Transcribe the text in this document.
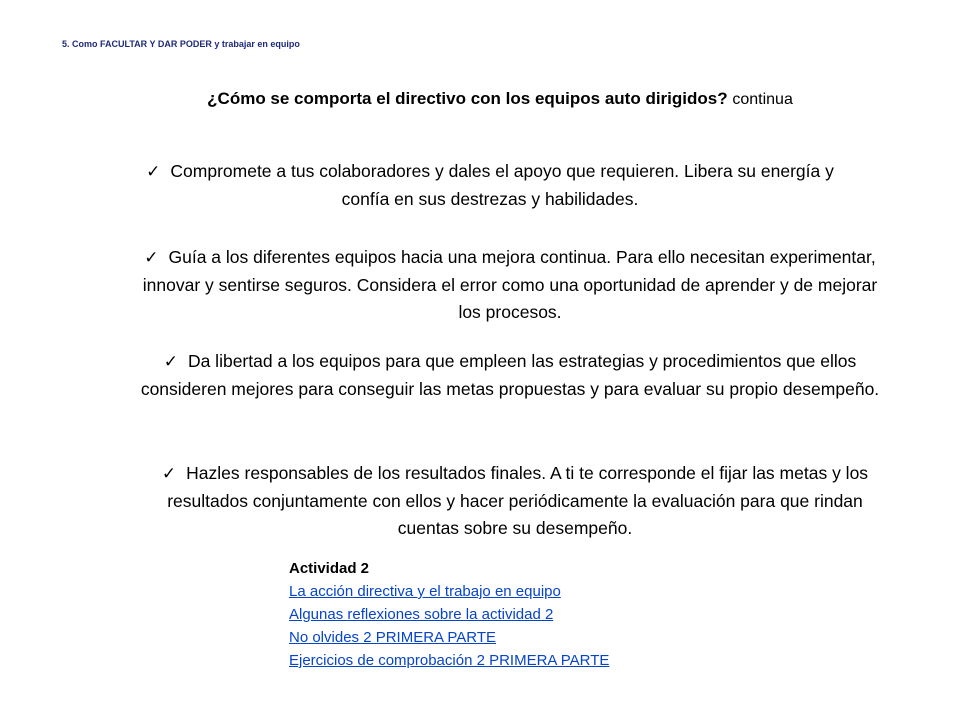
5. Como FACULTAR Y DAR PODER y trabajar en equipo
¿Cómo se comporta el directivo con los equipos auto dirigidos? continua
✓ Compromete a tus colaboradores y dales el apoyo que requieren. Libera su energía y confía en sus destrezas y habilidades.
✓ Guía a los diferentes equipos hacia una mejora continua. Para ello necesitan experimentar, innovar y sentirse seguros. Considera el error como una oportunidad de aprender y de mejorar los procesos.
✓ Da libertad a los equipos para que empleen las estrategias y procedimientos que ellos consideren mejores para conseguir las metas propuestas y para evaluar su propio desempeño.
✓ Hazles responsables de los resultados finales. A ti te corresponde el fijar las metas y los resultados conjuntamente con ellos y hacer periódicamente la evaluación para que rindan cuentas sobre su desempeño.
Actividad 2
La acción directiva y el trabajo en equipo
Algunas reflexiones sobre la actividad 2
No olvides 2 PRIMERA PARTE
Ejercicios de comprobación 2 PRIMERA PARTE
